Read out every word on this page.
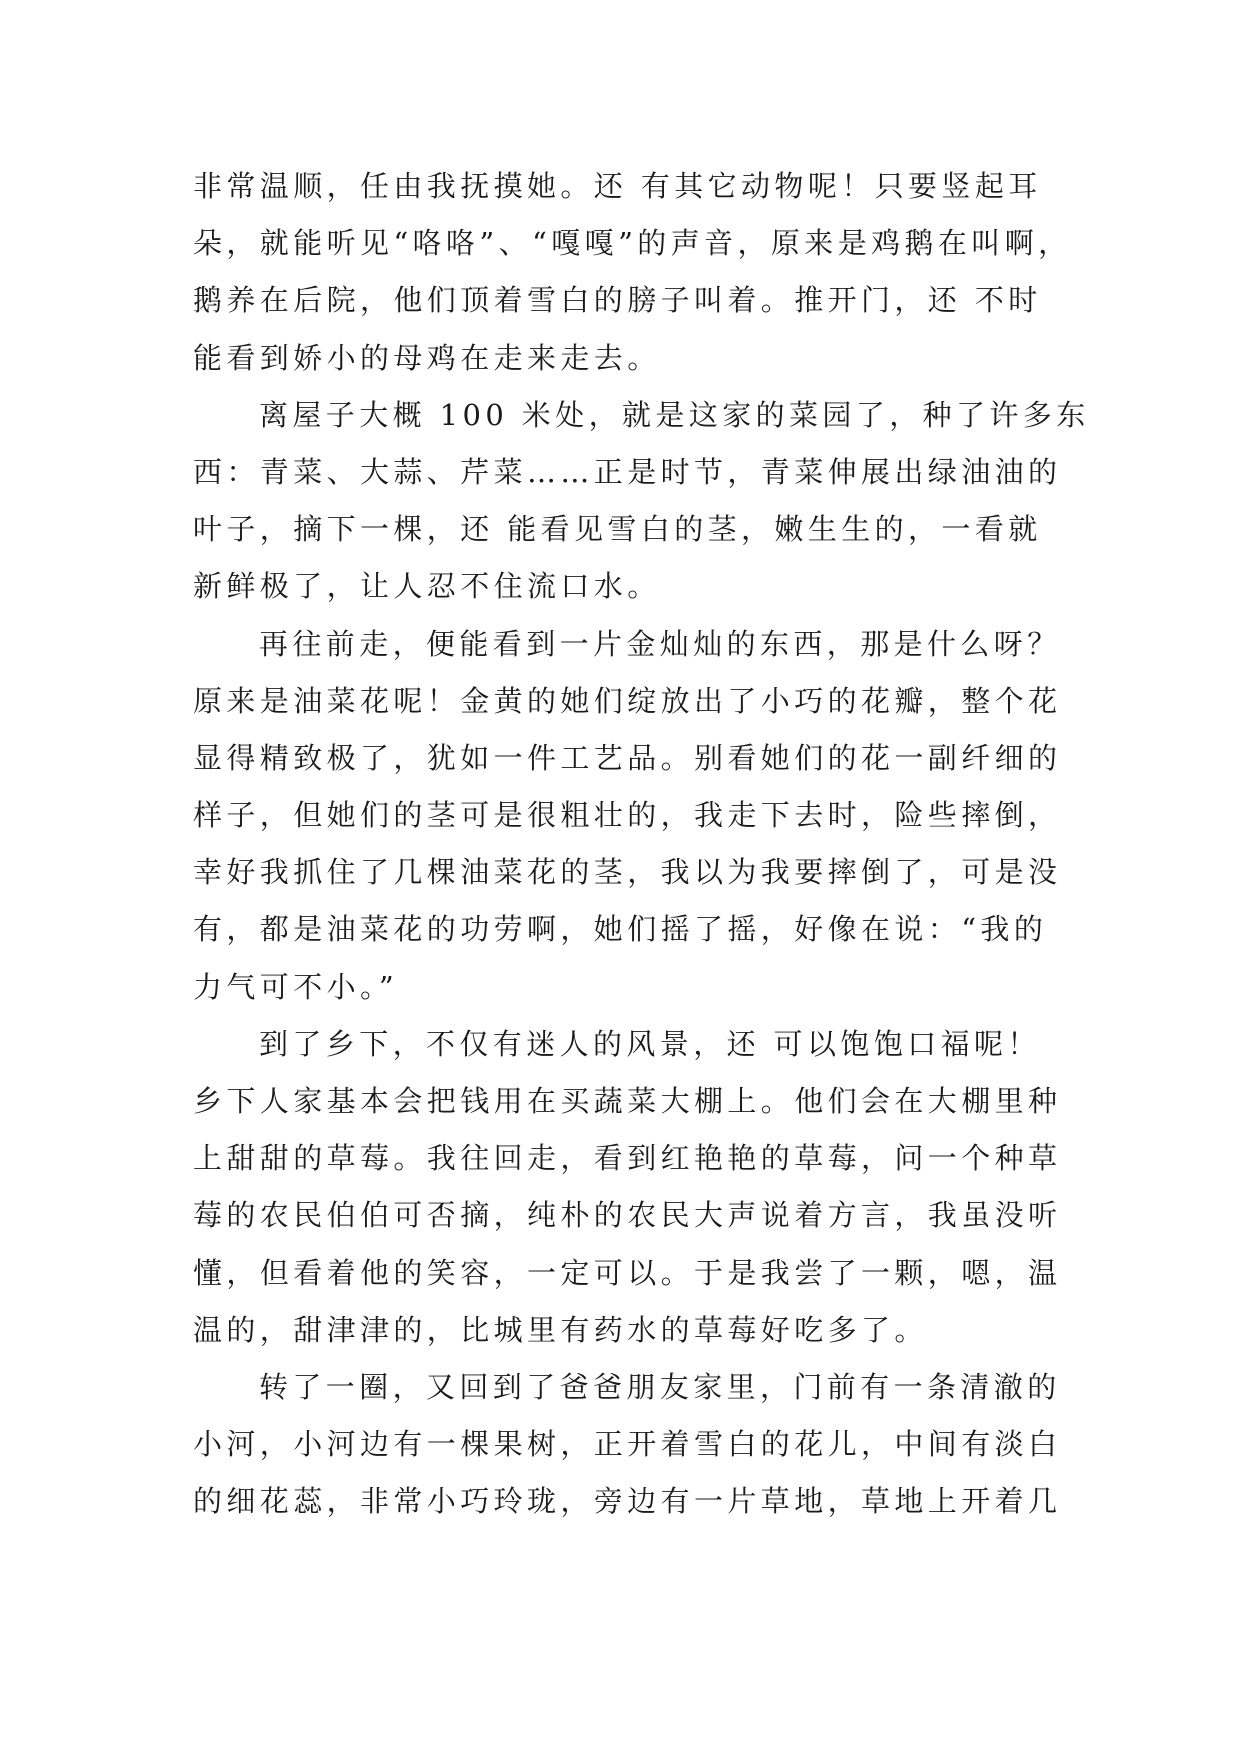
非常温顺，任由我抚摸她。还 有其它动物呢！只要竖起耳
朵，就能听见“咯咯”、“嘎嘎”的声音，原来是鸡鹅在叫啊，
鹅养在后院，他们顶着雪白的膀子叫着。推开门，还 不时
能看到娇小的母鸡在走来走去。
离屋子大概 100 米处，就是这家的菜园了，种了许多东
西：青菜、大蒜、芹菜……正是时节，青菜伸展出绿油油的
叶子，摘下一棵，还 能看见雪白的茎，嫩生生的，一看就
新鲜极了，让人忍不住流口水。
再往前走，便能看到一片金灿灿的东西，那是什么呀？
原来是油菜花呢！金黄的她们绽放出了小巧的花瓣，整个花
显得精致极了，犹如一件工艺品。别看她们的花一副纤细的
样子，但她们的茎可是很粗壮的，我走下去时，险些摔倒，
幸好我抓住了几棵油菜花的茎，我以为我要摔倒了，可是没
有，都是油菜花的功劳啊，她们摇了摇，好像在说：“我的
力气可不小。”
到了乡下，不仅有迷人的风景，还 可以饱饱口福呢！
乡下人家基本会把钱用在买蔬菜大棚上。他们会在大棚里种
上甜甜的草莓。我往回走，看到红艳艳的草莓，问一个种草
莓的农民伯伯可否摘，纯朴的农民大声说着方言，我虽没听
懂，但看着他的笑容，一定可以。于是我尝了一颗，嗯，温
温的，甜津津的，比城里有药水的草莓好吃多了。
转了一圈，又回到了爸爸朋友家里，门前有一条清澈的
小河，小河边有一棵果树，正开着雪白的花儿，中间有淡白
的细花蕊，非常小巧玲珑，旁边有一片草地，草地上开着几
